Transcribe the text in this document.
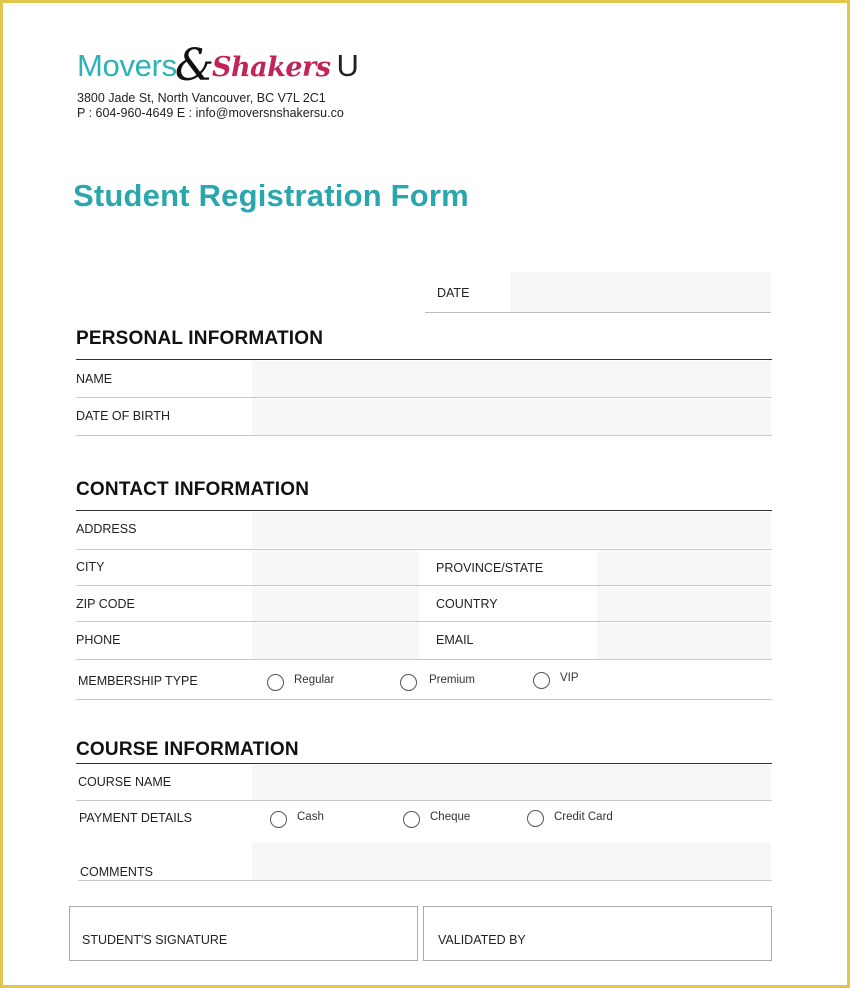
Movers&Shakers U
3800 Jade St, North Vancouver, BC V7L 2C1
P : 604-960-4649 E : info@moversnshakersu.co
Student Registration Form
DATE
PERSONAL INFORMATION
NAME
DATE OF BIRTH
CONTACT INFORMATION
ADDRESS
CITY	PROVINCE/STATE
ZIP CODE	COUNTRY
PHONE	EMAIL
MEMBERSHIP TYPE	Regular	Premium	VIP
COURSE INFORMATION
COURSE NAME
PAYMENT DETAILS	Cash	Cheque	Credit Card
COMMENTS
STUDENT'S SIGNATURE	VALIDATED BY
